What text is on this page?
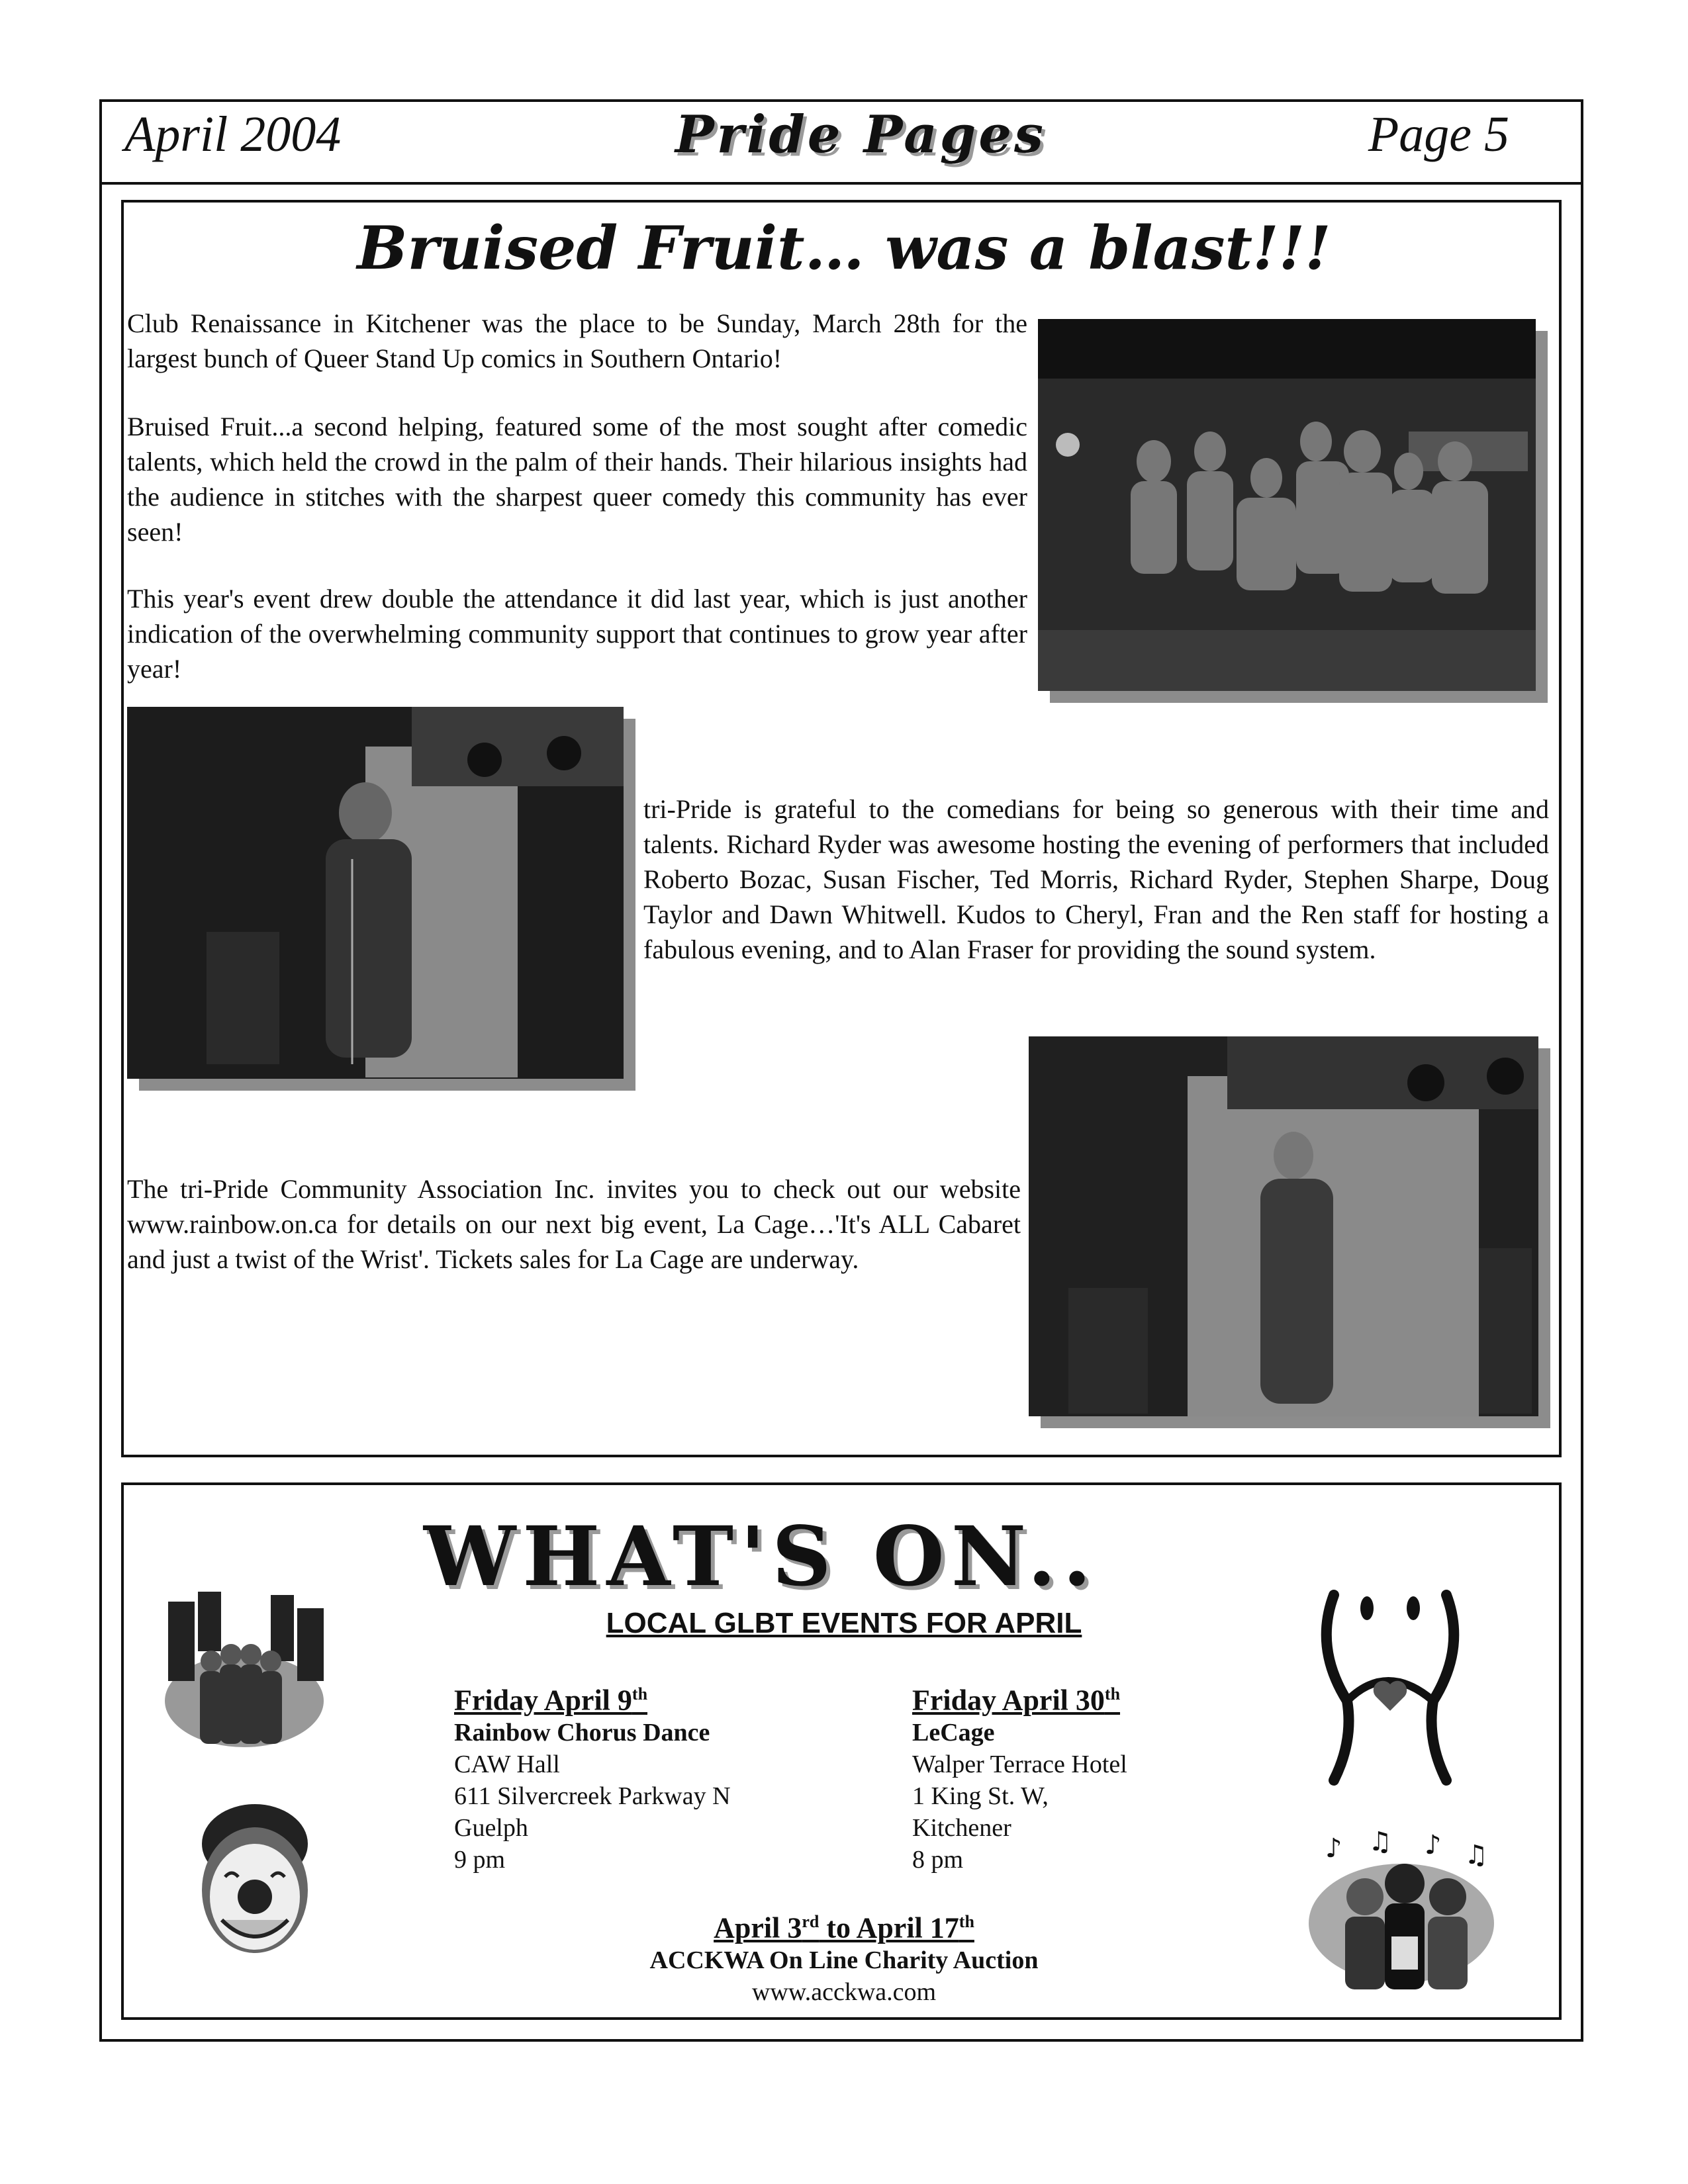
April 2004	Pride Pages	Page 5
Bruised Fruit… was a blast!!!
Club Renaissance in Kitchener was the place to be Sunday, March 28th for the largest bunch of Queer Stand Up comics in Southern Ontario!
Bruised Fruit...a second helping, featured some of the most sought after comedic talents, which held the crowd in the palm of their hands. Their hilarious insights had the audience in stitches with the sharpest queer comedy this community has ever seen!
This year's event drew double the attendance it did last year, which is just another indication of the overwhelming community support that continues to grow year after year!
tri-Pride is grateful to the comedians for being so generous with their time and talents. Richard Ryder was awesome hosting the evening of performers that included Roberto Bozac, Susan Fischer, Ted Morris, Richard Ryder, Stephen Sharpe, Doug Taylor and Dawn Whitwell. Kudos to Cheryl, Fran and the Ren staff for hosting a fabulous evening, and to Alan Fraser for providing the sound system.
The tri-Pride Community Association Inc. invites you to check out our website www.rainbow.on.ca for details on our next big event, La Cage…'It's ALL Cabaret and just a twist of the Wrist'. Tickets sales for La Cage are underway.
WHAT'S ON..
LOCAL GLBT EVENTS FOR APRIL
Friday April 9th
Rainbow Chorus Dance
CAW Hall
611 Silvercreek Parkway N
Guelph
9 pm
Friday April 30th
LeCage
Walper Terrace Hotel
1 King St. W,
Kitchener
8 pm
April 3rd to April 17th
ACCKWA On Line Charity Auction
www.acckwa.com
♪ ♫ ♪ ♫
